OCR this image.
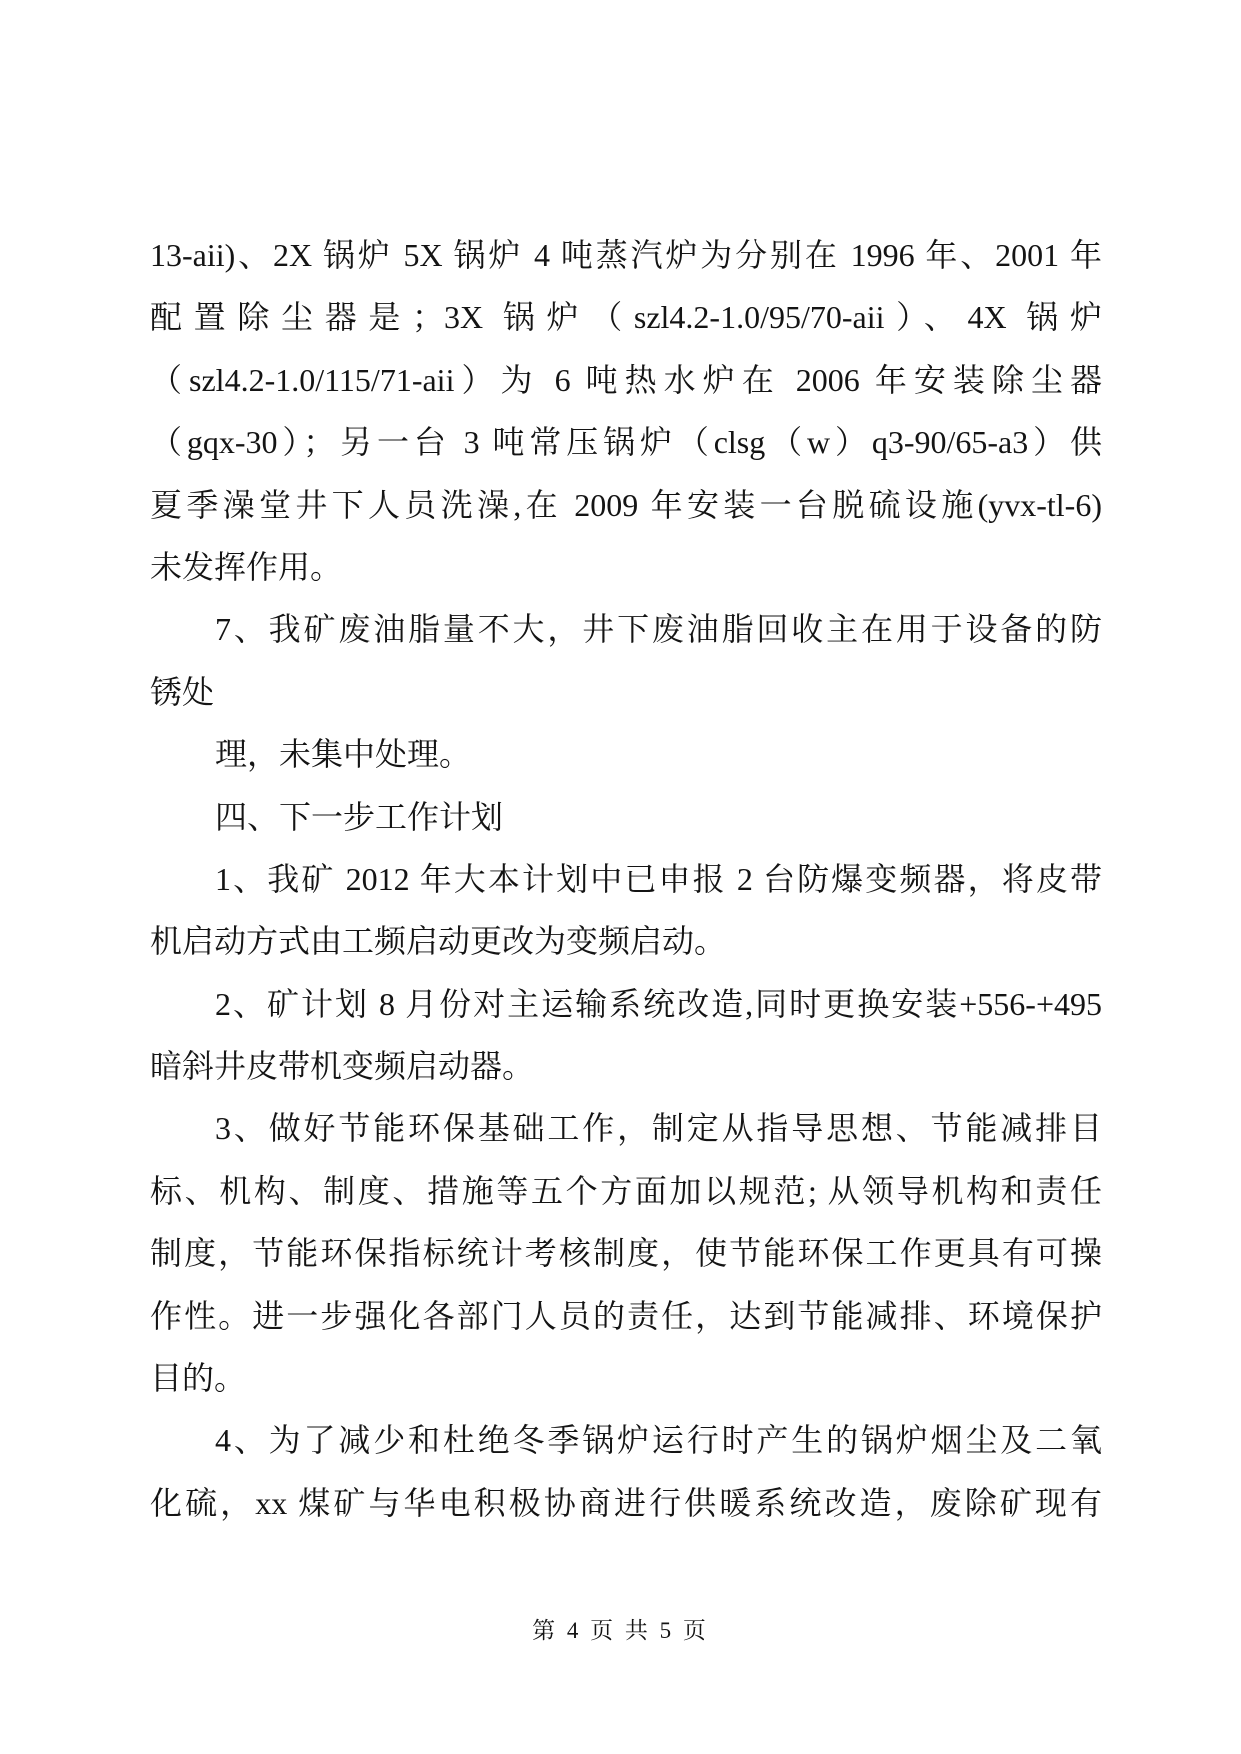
13-aii)、2X 锅炉 5X 锅炉 4 吨蒸汽炉为分别在 1996 年、2001 年
配置除尘器是；3X 锅炉（szl4.2-1.0/95/70-aii）、4X 锅炉
（szl4.2-1.0/115/71-aii）为 6 吨热水炉在 2006 年安装除尘器
（gqx-30）；另一台 3 吨常压锅炉（clsg（w）q3-90/65-a3）供
夏季澡堂井下人员洗澡,在 2009 年安装一台脱硫设施(yvx-tl-6)
未发挥作用。
7、我矿废油脂量不大，井下废油脂回收主在用于设备的防
锈处
理，未集中处理。
四、下一步工作计划
1、我矿 2012 年大本计划中已申报 2 台防爆变频器，将皮带
机启动方式由工频启动更改为变频启动。
2、矿计划 8 月份对主运输系统改造,同时更换安装+556-+495
暗斜井皮带机变频启动器。
3、做好节能环保基础工作，制定从指导思想、节能减排目
标、机构、制度、措施等五个方面加以规范; 从领导机构和责任
制度，节能环保指标统计考核制度，使节能环保工作更具有可操
作性。进一步强化各部门人员的责任，达到节能减排、环境保护
目的。
4、为了减少和杜绝冬季锅炉运行时产生的锅炉烟尘及二氧
化硫，xx 煤矿与华电积极协商进行供暖系统改造，废除矿现有
第 4 页 共 5 页
